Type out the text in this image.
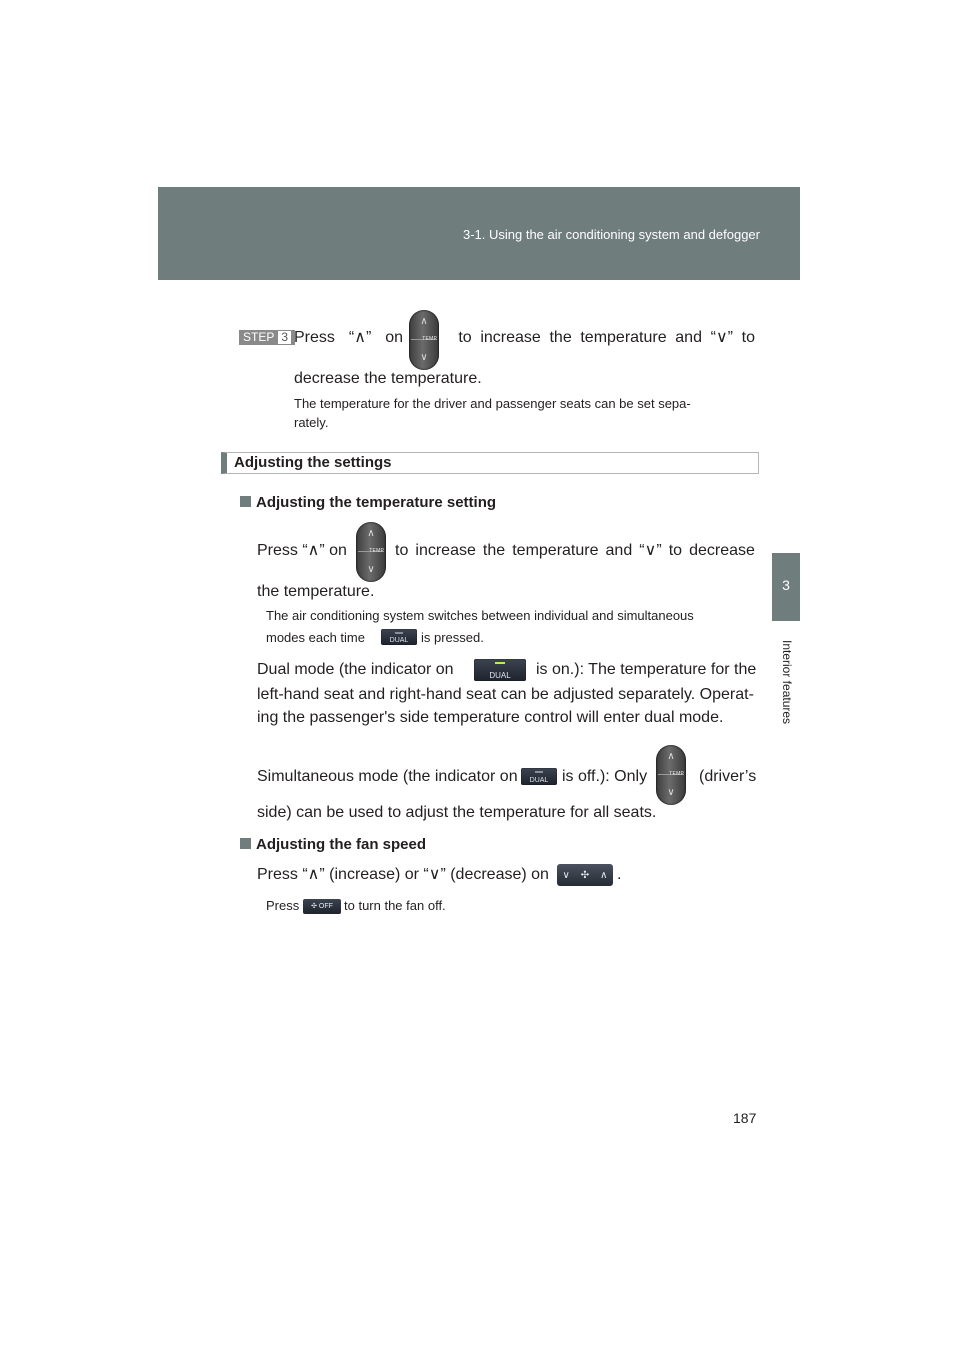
3-1. Using the air conditioning system and defogger
3
Interior features
STEP 3 Press “∧” on	to increase the temperature and “∨” to
∧
TEMP
∨
decrease the temperature.
The temperature for the driver and passenger seats can be set sepa-
rately.
Adjusting the settings
Adjusting the temperature setting
Press “∧” on
∧
TEMP
∨
to increase the temperature and “∨” to decrease
the temperature.
The air conditioning system switches between individual and simultaneous
modes each time	DUAL is pressed.
Dual mode (the indicator on	DUAL	is on.): The temperature for the
left-hand seat and right-hand seat can be adjusted separately. Operat-
ing the passenger's side temperature control will enter dual mode.
Simultaneous mode (the indicator on	DUAL is off.): Only
∧
TEMP
∨
(driver’s
side) can be used to adjust the temperature for all seats.
Adjusting the fan speed
Press “∧” (increase) or “∨” (decrease) on ∨ ✣ ∧ .
Press	✣ OFF to turn the fan off.
187
